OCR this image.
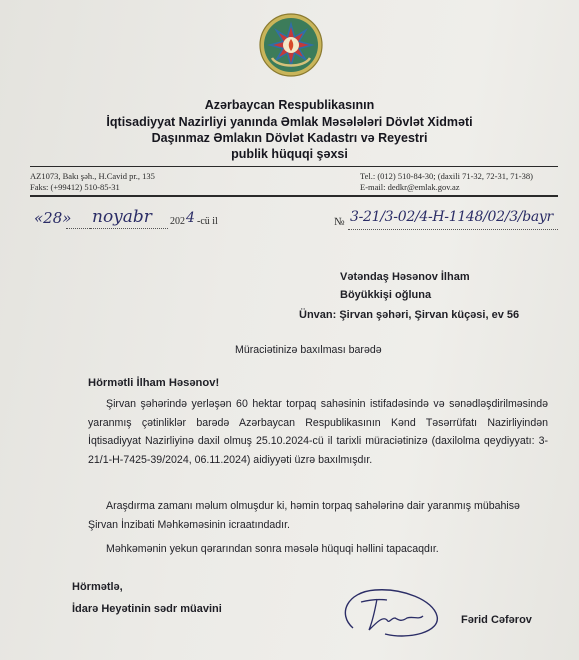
Azərbaycan Respublikasının
İqtisadiyyat Nazirliyi yanında Əmlak Məsələləri Dövlət Xidməti
Daşınmaz Əmlakın Dövlət Kadastrı və Reyestri
publik hüquqi şəxsi
AZ1073, Bakı şəh., H.Cavid pr., 135
Faks: (+99412) 510-85-31
Tel.: (012) 510-84-30; (daxili 71-32, 72-31, 71-38)
E-mail: dedkr@emlak.gov.az
«28» noyabr 202 4 -cü il	№ 3-21/3-02/4-H-1148/02/3/bayr
Vətəndaş Həsənov İlham
Böyükkişi oğluna
Ünvan: Şirvan şəhəri, Şirvan küçəsi, ev 56
Müraciətinizə baxılması barədə
Hörmətli İlham Həsənov!
Şirvan şəhərində yerləşən 60 hektar torpaq sahəsinin istifadəsində və sənədləşdirilməsində yaranmış çətinliklər barədə Azərbaycan Respublikasının Kənd Təsərrüfatı Nazirliyindən İqtisadiyyat Nazirliyinə daxil olmuş 25.10.2024-cü il tarixli müraciətinizə (daxilolma qeydiyyatı: 3-21/1-H-7425-39/2024, 06.11.2024) aidiyyəti üzrə baxılmışdır.
Araşdırma zamanı məlum olmuşdur ki, həmin torpaq sahələrinə dair yaranmış mübahisə Şirvan İnzibati Məhkəməsinin icraatındadır.
Məhkəmənin yekun qərarından sonra məsələ hüquqi həllini tapacaqdır.
Hörmətlə,
İdarə Heyətinin sədr müavini
Fərid Cəfərov
